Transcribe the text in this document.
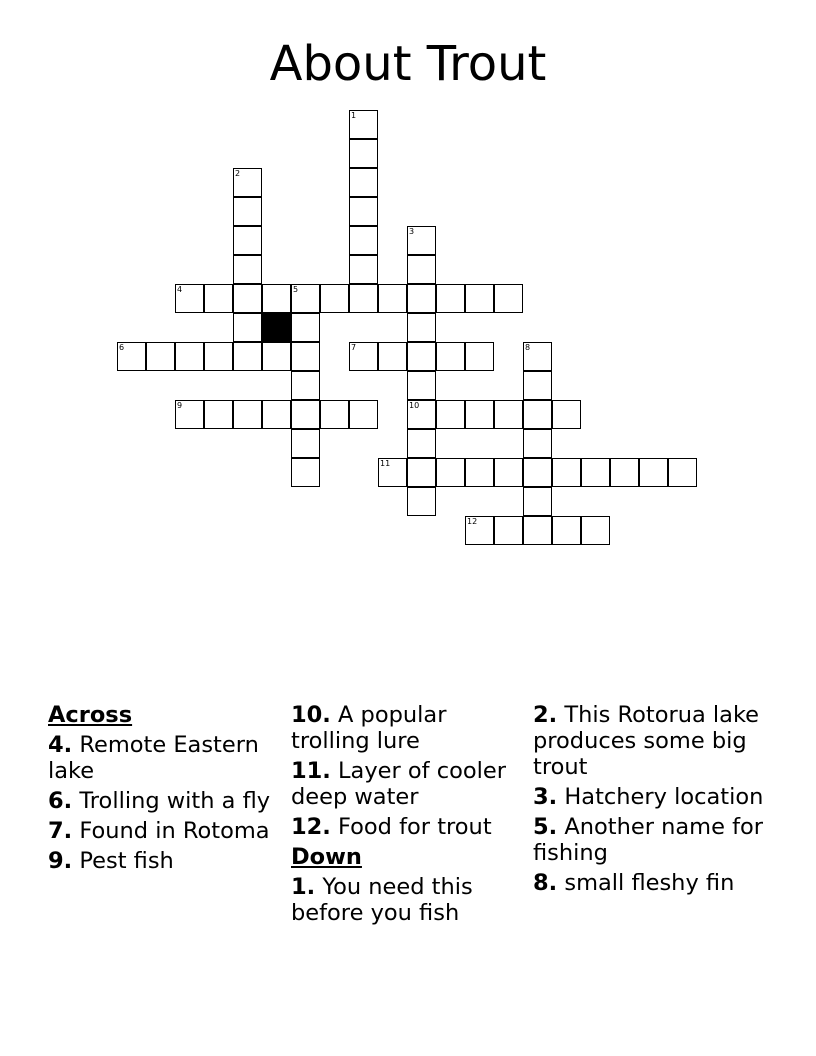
About Trout
4	5
6	7
9	10
11
12
1
2
3
8
Across
4. Remote Eastern lake
6. Trolling with a fly
7. Found in Rotoma
9. Pest fish
10. A popular trolling lure
11. Layer of cooler deep water
12. Food for trout
Down
1. You need this before you fish
2. This Rotorua lake produces some big trout
3. Hatchery location
5. Another name for fishing
8. small fleshy fin
